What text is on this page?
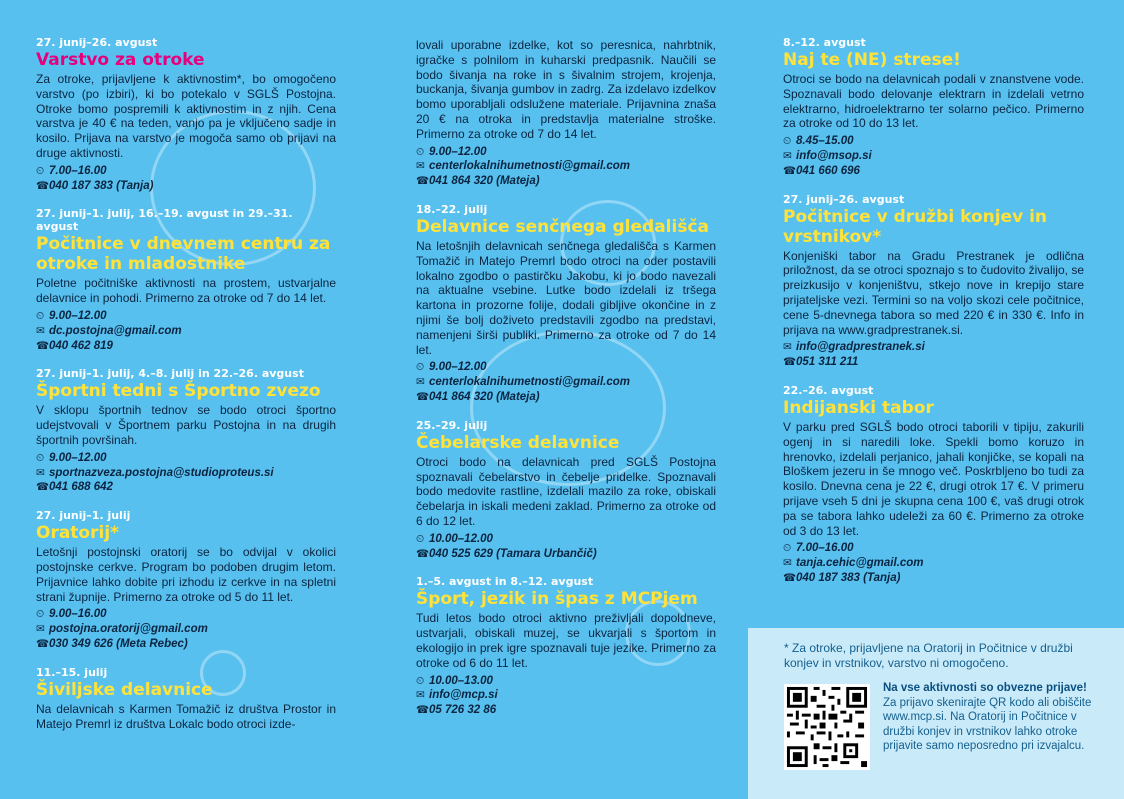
27. junij–26. avgust
Varstvo za otroke
Za otroke, prijavljene k aktivnostim*, bo omogočeno varstvo (po izbiri), ki bo potekalo v SGLŠ Postojna. Otroke bomo pospremili k aktivnostim in z njih. Cena varstva je 40 € na teden, vanjo pa je vključeno sadje in kosilo. Prijava na varstvo je mogoča samo ob prijavi na druge aktivnosti.
⏲ 7.00–16.00
☎040 187 383 (Tanja)
27. junij–1. julij, 16.–19. avgust in 29.–31. avgust
Počitnice v dnevnem centru za otroke in mladostnike
Poletne počitniške aktivnosti na prostem, ustvarjalne delavnice in pohodi. Primerno za otroke od 7 do 14 let.
⏲ 9.00–12.00
✉ dc.postojna@gmail.com
☎040 462 819
27. junij–1. julij, 4.–8. julij in 22.–26. avgust
Športni tedni s Športno zvezo
V sklopu športnih tednov se bodo otroci športno udejstvovali v Športnem parku Postojna in na drugih športnih površinah.
⏲ 9.00–12.00
✉ sportnazveza.postojna@studioproteus.si
☎041 688 642
27. junij–1. julij
Oratorij*
Letošnji postojnski oratorij se bo odvijal v okolici postojnske cerkve. Program bo podoben drugim letom. Prijavnice lahko dobite pri izhodu iz cerkve in na spletni strani župnije. Primerno za otroke od 5 do 11 let.
⏲ 9.00–16.00
✉ postojna.oratorij@gmail.com
☎030 349 626 (Meta Rebec)
11.–15. julij
Šiviljske delavnice
Na delavnicah s Karmen Tomažič iz društva Prostor in Matejo Premrl iz društva Lokalc bodo otroci izde-
lovali uporabne izdelke, kot so peresnica, nahrbtnik, igračke s polnilom in kuharski predpasnik. Naučili se bodo šivanja na roke in s šivalnim strojem, krojenja, buckanja, šivanja gumbov in zadrg. Za izdelavo izdelkov bomo uporabljali odslužene materiale. Prijavnina znaša 20 € na otroka in predstavlja materialne stroške. Primerno za otroke od 7 do 14 let.
⏲ 9.00–12.00
✉ centerlokalnihumetnosti@gmail.com
☎041 864 320 (Mateja)
18.–22. julij
Delavnice senčnega gledališča
Na letošnjih delavnicah senčnega gledališča s Karmen Tomažič in Matejo Premrl bodo otroci na oder postavili lokalno zgodbo o pastirčku Jakobu, ki jo bodo navezali na aktualne vsebine. Lutke bodo izdelali iz tršega kartona in prozorne folije, dodali gibljive okončine in z njimi še bolj doživeto predstavili zgodbo na predstavi, namenjeni širši publiki. Primerno za otroke od 7 do 14 let.
⏲ 9.00–12.00
✉ centerlokalnihumetnosti@gmail.com
☎041 864 320 (Mateja)
25.–29. julij
Čebelarske delavnice
Otroci bodo na delavnicah pred SGLŠ Postojna spoznavali čebelarstvo in čebelje pridelke. Spoznavali bodo medovite rastline, izdelali mazilo za roke, obiskali čebelarja in iskali medeni zaklad. Primerno za otroke od 6 do 12 let.
⏲ 10.00–12.00
☎040 525 629 (Tamara Urbančič)
1.–5. avgust in 8.–12. avgust
Šport, jezik in špas z MCPjem
Tudi letos bodo otroci aktivno preživljali dopoldneve, ustvarjali, obiskali muzej, se ukvarjali s športom in ekologijo in prek igre spoznavali tuje jezike. Primerno za otroke od 6 do 11 let.
⏲ 10.00–13.00
✉ info@mcp.si
☎05 726 32 86
8.–12. avgust
Naj te (NE) strese!
Otroci se bodo na delavnicah podali v znanstvene vode. Spoznavali bodo delovanje elektrarn in izdelali vetrno elektrarno, hidroelektrarno ter solarno pečico. Primerno za otroke od 10 do 13 let.
⏲ 8.45–15.00
✉ info@msop.si
☎041 660 696
27. junij–26. avgust
Počitnice v družbi konjev in vrstnikov*
Konjeniški tabor na Gradu Prestranek je odlična priložnost, da se otroci spoznajo s to čudovito živalijo, se preizkusijo v konjeništvu, stkejo nove in krepijo stare prijateljske vezi. Termini so na voljo skozi cele počitnice, cene 5-dnevnega tabora so med 220 € in 330 €. Info in prijava na www.gradprestranek.si.
✉ info@gradprestranek.si
☎051 311 211
22.–26. avgust
Indijanski tabor
V parku pred SGLŠ bodo otroci taborili v tipiju, zakurili ogenj in si naredili loke. Spekli bomo koruzo in hrenovko, izdelali perjanico, jahali konjičke, se kopali na Bloškem jezeru in še mnogo več. Poskrbljeno bo tudi za kosilo. Dnevna cena je 22 €, drugi otrok 17 €. V primeru prijave vseh 5 dni je skupna cena 100 €, vaš drugi otrok pa se tabora lahko udeleži za 60 €. Primerno za otroke od 3 do 13 let.
⏲ 7.00–16.00
✉ tanja.cehic@gmail.com
☎040 187 383 (Tanja)
* Za otroke, prijavljene na Oratorij in Počitnice v družbi konjev in vrstnikov, varstvo ni omogočeno.
Na vse aktivnosti so obvezne prijave!
Za prijavo skenirajte QR kodo ali obiščite www.mcp.si. Na Oratorij in Počitnice v družbi konjev in vrstnikov lahko otroke prijavite samo neposredno pri izvajalcu.
